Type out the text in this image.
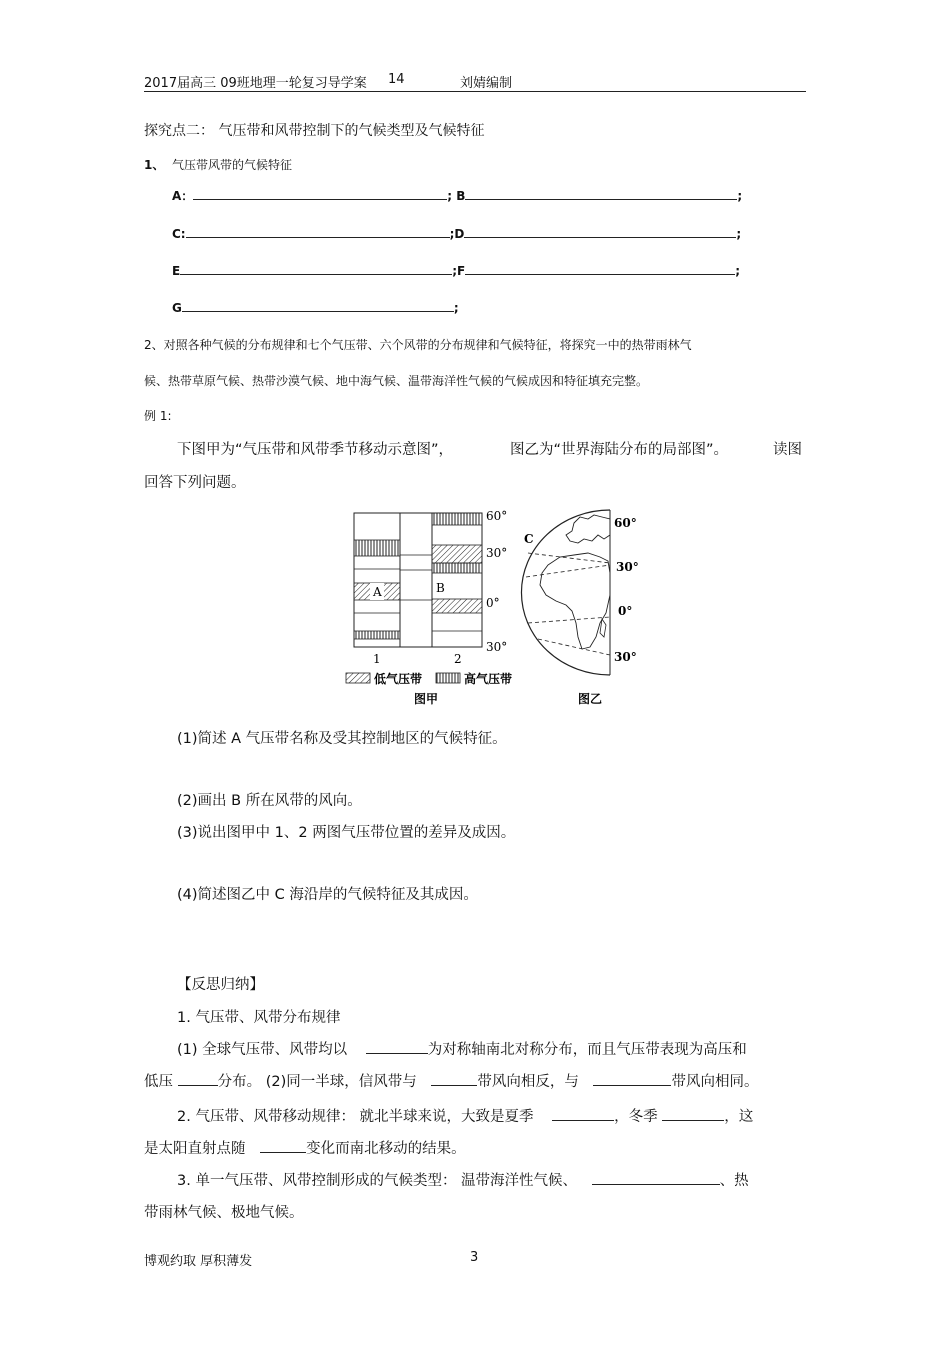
2017届高三 09班地理一轮复习导学案 14	刘婧编制
探究点二： 气压带和风带控制下的气候类型及气候特征
1、 气压带风带的气候特征
A：	; B	;
C:	;D	;
E	;F	;
G	;
2、对照各种气候的分布规律和七个气压带、六个风带的分布规律和气候特征，将探究一中的热带雨林气
候、热带草原气候、热带沙漠气候、地中海气候、温带海洋性气候的气候成因和特征填充完整。
例 1:
下图甲为“气压带和风带季节移动示意图”，	图乙为“世界海陆分布的局部图”。	读图
回答下列问题。
A	B
60°
30°
0°
30°
1	2
低气压带	高气压带
图甲
C
60°
30°
0°
30°
图乙
(1)简述 A 气压带名称及受其控制地区的气候特征。
(2)画出 B 所在风带的风向。
(3)说出图甲中 1、2 两图气压带位置的差异及成因。
(4)简述图乙中 C 海沿岸的气候特征及其成因。
【反思归纳】
1. 气压带、风带分布规律
(1) 全球气压带、风带均以	为对称轴南北对称分布，而且气压带表现为高压和
低压	分布。 (2)同一半球，信风带与	带风向相反，与	带风向相同。
2. 气压带、风带移动规律： 就北半球来说，大致是夏季	，冬季	，这
是太阳直射点随	变化而南北移动的结果。
3. 单一气压带、风带控制形成的气候类型： 温带海洋性气候、	、热
带雨林气候、极地气候。
博观约取 厚积薄发	3
